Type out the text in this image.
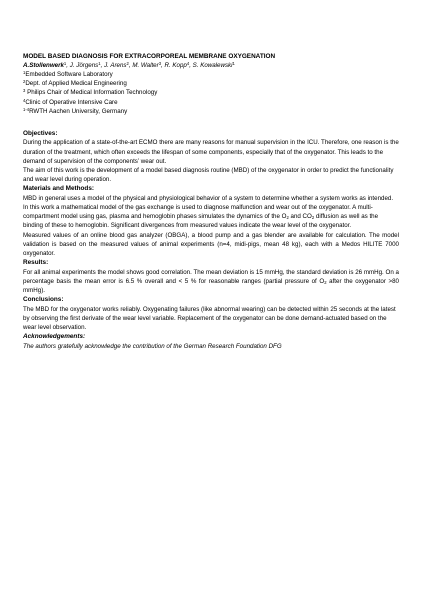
MODEL BASED DIAGNOSIS FOR EXTRACORPOREAL MEMBRANE OXYGENATION
A.Stollenwerk$^1$, J. Jörgens$^1$, J. Arens$^2$, M. Walter$^3$, R. Kopp$^4$, S. Kowalewski$^1$
$^1$Embedded Software Laboratory
$^2$Dept. of Applied Medical Engineering
$^3$ Philips Chair of Medical Information Technology
$^4$Clinic of Operative Intensive Care
$^{1-4}$RWTH Aachen University, Germany
Objectives:

During the application of a state-of-the-art ECMO there are many reasons for manual supervision in the ICU. Therefore, one reason is the duration of the treatment, which often exceeds the lifespan of some components, especially that of the oxygenator. This leads to the demand of supervision of the components’ wear out.

The aim of this work is the development of a model based diagnosis routine (MBD) of the oxygenator in order to predict the functionality and wear level during operation.

Materials and Methods:

MBD in general uses a model of the physical and physiological behavior of a system to determine whether a system works as intended.

In this work a mathematical model of the gas exchange is used to diagnose malfunction and wear out of the oxygenator. A multi- compartment model using gas, plasma and hemoglobin phases simulates the dynamics of the $O_2$ and $CO_2$ diffusion as well as the binding of these to hemoglobin. Significant divergences from measured values indicate the wear level of the oxygenator.

Measured values of an online blood gas analyzer (OBGA), a blood pump and a gas blender are available for calculation. The model validation is based on the measured values of animal experiments (n=4, midi-pigs, mean 48 kg), each with a Medos HILITE 7000 oxygenator.

Results:

For all animal experiments the model shows good correlation. The mean deviation is 15 mmHg, the standard deviation is 26 mmHg. On a percentage basis the mean error is 6.5 % overall and < 5 % for reasonable ranges (partial pressure of $O_2$ after the oxygenator >80 mmHg).

Conclusions:

The MBD for the oxygenator works reliably. Oxygenating failures (like abnormal wearing) can be detected within 25 seconds at the latest by observing the first derivate of the wear level variable. Replacement of the oxygenator can be done demand-actuated based on the wear level observation.

Acknowledgements:

The authors gratefully acknowledge the contribution of the German Research Foundation DFG
